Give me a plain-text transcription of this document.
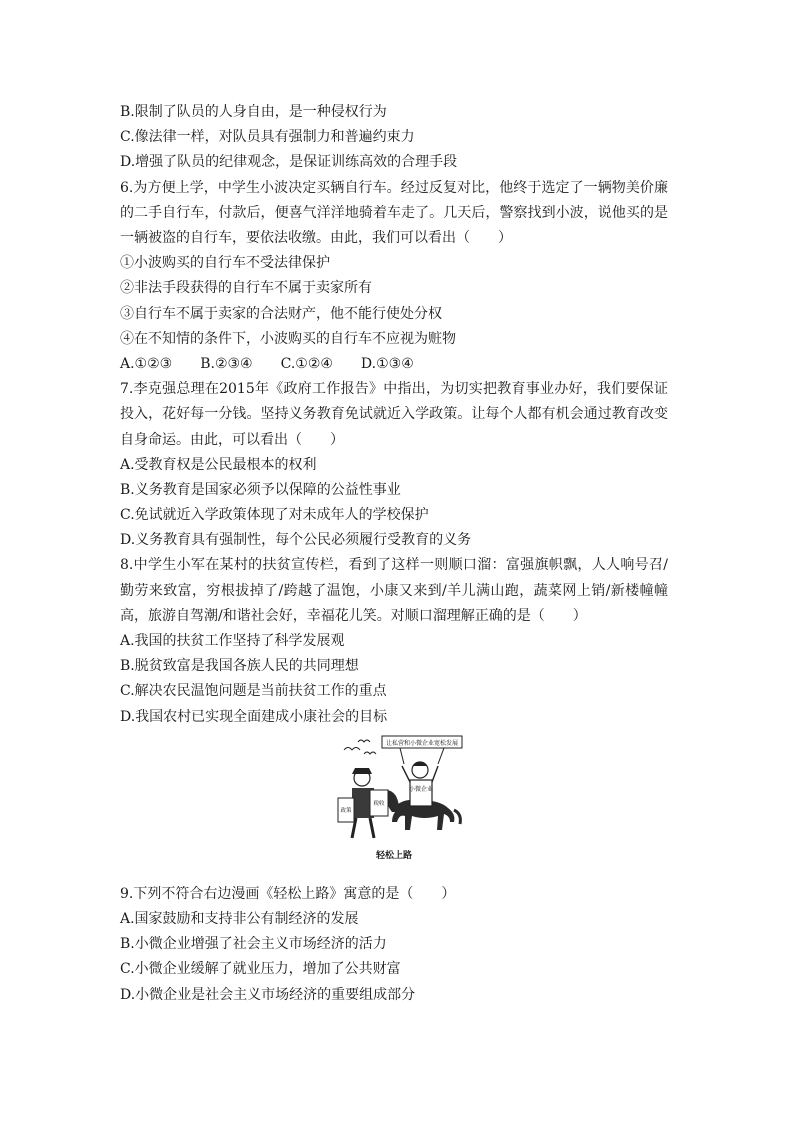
B.限制了队员的人身自由，是一种侵权行为
C.像法律一样，对队员具有强制力和普遍约束力
D.增强了队员的纪律观念，是保证训练高效的合理手段
6.为方便上学，中学生小波决定买辆自行车。经过反复对比，他终于选定了一辆物美价廉的二手自行车，付款后，便喜气洋洋地骑着车走了。几天后，警察找到小波，说他买的是一辆被盗的自行车，要依法收缴。由此，我们可以看出（　　）
①小波购买的自行车不受法律保护
②非法手段获得的自行车不属于卖家所有
③自行车不属于卖家的合法财产，他不能行使处分权
④在不知情的条件下，小波购买的自行车不应视为赃物
A.①②③　　B.②③④　　C.①②④　　D.①③④
7.李克强总理在2015年《政府工作报告》中指出，为切实把教育事业办好，我们要保证投入，花好每一分钱。坚持义务教育免试就近入学政策。让每个人都有机会通过教育改变自身命运。由此，可以看出（　　）
A.受教育权是公民最根本的权利
B.义务教育是国家必须予以保障的公益性事业
C.免试就近入学政策体现了对未成年人的学校保护
D.义务教育具有强制性，每个公民必须履行受教育的义务
8.中学生小军在某村的扶贫宣传栏，看到了这样一则顺口溜：富强旗帜飘，人人响号召/勤劳来致富，穷根拔掉了/跨越了温饱，小康又来到/羊儿满山跑，蔬菜网上销/新楼幢幢高，旅游自驾潮/和谐社会好，幸福花儿笑。对顺口溜理解正确的是（　　）
A.我国的扶贫工作坚持了科学发展观
B.脱贫致富是我国各族人民的共同理想
C.解决农民温饱问题是当前扶贫工作的重点
D.我国农村已实现全面建成小康社会的目标
让私营和小微企业宽松发展
小微企业
政策
税收
轻松上路
9.下列不符合右边漫画《轻松上路》寓意的是（　　）
A.国家鼓励和支持非公有制经济的发展
B.小微企业增强了社会主义市场经济的活力
C.小微企业缓解了就业压力，增加了公共财富
D.小微企业是社会主义市场经济的重要组成部分
